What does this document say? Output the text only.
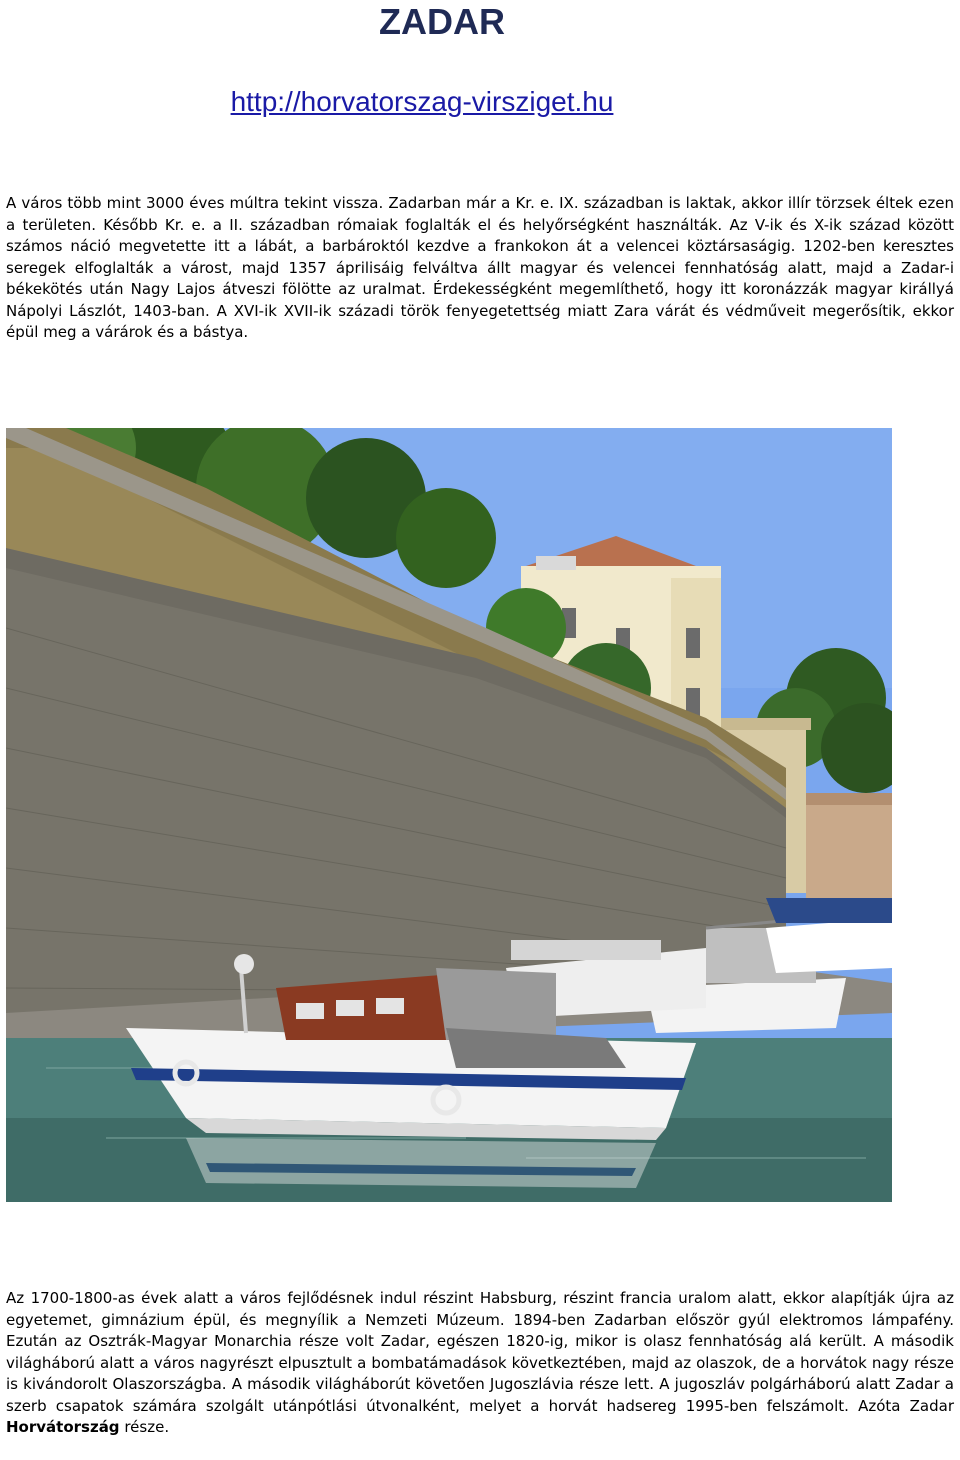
ZADAR
http://horvatorszag-virsziget.hu

A város több mint 3000 éves múltra tekint vissza. Zadarban már a Kr. e. IX. században is laktak, akkor illír törzsek éltek ezen a területen. Később Kr. e. a II. században rómaiak foglalták el és helyőrségként használták. Az V-ik és X-ik század között számos náció megvetette itt a lábát, a barbároktól kezdve a frankokon át a velencei köztársaságig. 1202-ben keresztes seregek elfoglalták a várost, majd 1357 áprilisáig felváltva állt magyar és velencei fennhatóság alatt, majd a Zadar-i békekötés után Nagy Lajos átveszi fölötte az uralmat. Érdekességként megemlíthető, hogy itt koronázzák magyar királlyá Nápolyi Lászlót, 1403-ban. A XVI-ik XVII-ik századi török fenyegetettség miatt Zara várát és védműveit megerősítik, ekkor épül meg a várárok és a bástya.

Az 1700-1800-as évek alatt a város fejlődésnek indul részint Habsburg, részint francia uralom alatt, ekkor alapítják újra az egyetemet, gimnázium épül, és megnyílik a Nemzeti Múzeum. 1894-ben Zadarban először gyúl elektromos lámpafény. Ezután az Osztrák-Magyar Monarchia része volt Zadar, egészen 1820-ig, mikor is olasz fennhatóság alá került. A második világháború alatt a város nagyrészt elpusztult a bombatámadások következtében, majd az olaszok, de a horvátok nagy része is kivándorolt Olaszországba. A második világháborút követően Jugoszlávia része lett. A jugoszláv polgárháború alatt Zadar a szerb csapatok számára szolgált utánpótlási útvonalként, melyet a horvát hadsereg 1995-ben felszámolt. Azóta Zadar Horvátország része.
